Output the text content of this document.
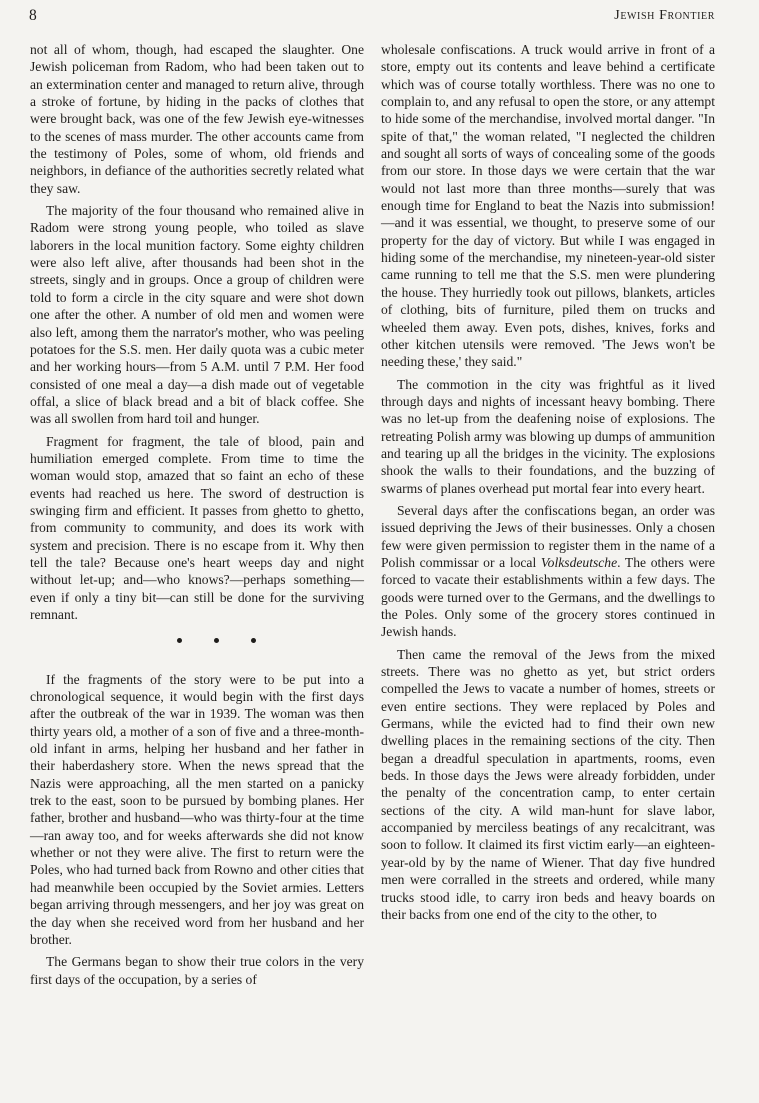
8	Jewish Frontier

not all of whom, though, had escaped the slaughter. One Jewish policeman from Radom, who had been taken out to an extermination center and managed to return alive, through a stroke of fortune, by hiding in the packs of clothes that were brought back, was one of the few Jewish eye-witnesses to the scenes of mass murder. The other accounts came from the testimony of Poles, some of whom, old friends and neighbors, in defiance of the authorities secretly related what they saw.

The majority of the four thousand who remained alive in Radom were strong young people, who toiled as slave laborers in the local munition factory. Some eighty children were also left alive, after thousands had been shot in the streets, singly and in groups. Once a group of children were told to form a circle in the city square and were shot down one after the other. A number of old men and women were also left, among them the narrator's mother, who was peeling potatoes for the S.S. men. Her daily quota was a cubic meter and her working hours—from 5 A.M. until 7 P.M. Her food consisted of one meal a day—a dish made out of vegetable offal, a slice of black bread and a bit of black coffee. She was all swollen from hard toil and hunger.

Fragment for fragment, the tale of blood, pain and humiliation emerged complete. From time to time the woman would stop, amazed that so faint an echo of these events had reached us here. The sword of destruction is swinging firm and efficient. It passes from ghetto to ghetto, from community to community, and does its work with system and precision. There is no escape from it. Why then tell the tale? Because one's heart weeps day and night without let-up; and—who knows?—perhaps something—even if only a tiny bit—can still be done for the surviving remnant.

If the fragments of the story were to be put into a chronological sequence, it would begin with the first days after the outbreak of the war in 1939. The woman was then thirty years old, a mother of a son of five and a three-month-old infant in arms, helping her husband and her father in their haberdashery store. When the news spread that the Nazis were approaching, all the men started on a panicky trek to the east, soon to be pursued by bombing planes. Her father, brother and husband—who was thirty-four at the time—ran away too, and for weeks afterwards she did not know whether or not they were alive. The first to return were the Poles, who had turned back from Rowno and other cities that had meanwhile been occupied by the Soviet armies. Letters began arriving through messengers, and her joy was great on the day when she received word from her husband and her brother.

The Germans began to show their true colors in the very first days of the occupation, by a series of

wholesale confiscations. A truck would arrive in front of a store, empty out its contents and leave behind a certificate which was of course totally worthless. There was no one to complain to, and any refusal to open the store, or any attempt to hide some of the merchandise, involved mortal danger. "In spite of that," the woman related, "I neglected the children and sought all sorts of ways of concealing some of the goods from our store. In those days we were certain that the war would not last more than three months—surely that was enough time for England to beat the Nazis into submission!—and it was essential, we thought, to preserve some of our property for the day of victory. But while I was engaged in hiding some of the merchandise, my nineteen-year-old sister came running to tell me that the S.S. men were plundering the house. They hurriedly took out pillows, blankets, articles of clothing, bits of furniture, piled them on trucks and wheeled them away. Even pots, dishes, knives, forks and other kitchen utensils were removed. 'The Jews won't be needing these,' they said."

The commotion in the city was frightful as it lived through days and nights of incessant heavy bombing. There was no let-up from the deafening noise of explosions. The retreating Polish army was blowing up dumps of ammunition and tearing up all the bridges in the vicinity. The explosions shook the walls to their foundations, and the buzzing of swarms of planes overhead put mortal fear into every heart.

Several days after the confiscations began, an order was issued depriving the Jews of their businesses. Only a chosen few were given permission to register them in the name of a Polish commissar or a local Volksdeutsche. The others were forced to vacate their establishments within a few days. The goods were turned over to the Germans, and the dwellings to the Poles. Only some of the grocery stores continued in Jewish hands.

Then came the removal of the Jews from the mixed streets. There was no ghetto as yet, but strict orders compelled the Jews to vacate a number of homes, streets or even entire sections. They were replaced by Poles and Germans, while the evicted had to find their own new dwelling places in the remaining sections of the city. Then began a dreadful speculation in apartments, rooms, even beds. In those days the Jews were already forbidden, under the penalty of the concentration camp, to enter certain sections of the city. A wild man-hunt for slave labor, accompanied by merciless beatings of any recalcitrant, was soon to follow. It claimed its first victim early—an eighteen-year-old by by the name of Wiener. That day five hundred men were corralled in the streets and ordered, while many trucks stood idle, to carry iron beds and heavy boards on their backs from one end of the city to the other, to
